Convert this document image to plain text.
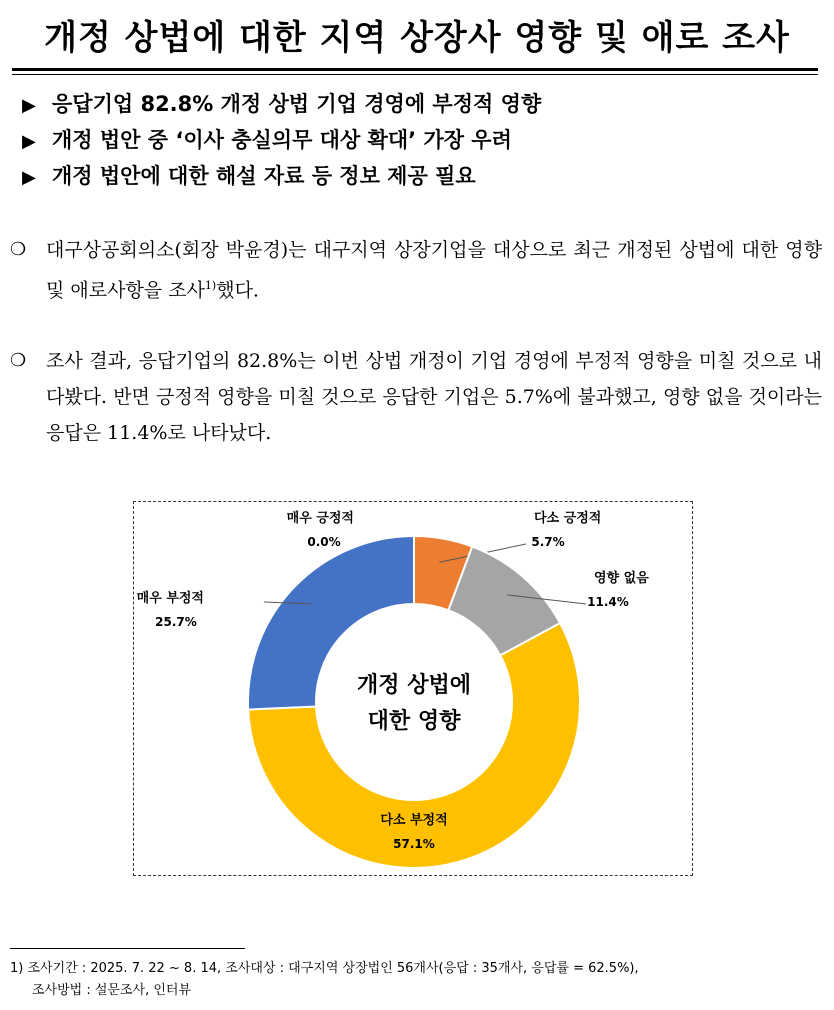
개정 상법에 대한 지역 상장사 영향 및 애로 조사
▶ 응답기업 82.8% 개정 상법 기업 경영에 부정적 영향
▶ 개정 법안 중 ‘이사 충실의무 대상 확대’ 가장 우려
▶ 개정 법안에 대한 해설 자료 등 정보 제공 필요
❍ 대구상공회의소(회장 박윤경)는 대구지역 상장기업을 대상으로 최근 개정된 상법에 대한 영향 및 애로사항을 조사$^{1)}$했다.
❍ 조사 결과, 응답기업의 82.8%는 이번 상법 개정이 기업 경영에 부정적 영향을 미칠 것으로 내다봤다. 반면 긍정적 영향을 미칠 것으로 응답한 기업은 5.7%에 불과했고, 영향 없을 것이라는 응답은 11.4%로 나타났다.
매우 긍정적
0.0%
다소 긍정적
5.7%
영향 없음
11.4%
다소 부정적
57.1%
매우 부정적
25.7%
개정 상법에
대한 영향
1) 조사기간 : 2025. 7. 22 ~ 8. 14, 조사대상 : 대구지역 상장법인 56개사(응답 : 35개사, 응답률 = 62.5%),
조사방법 : 설문조사, 인터뷰
